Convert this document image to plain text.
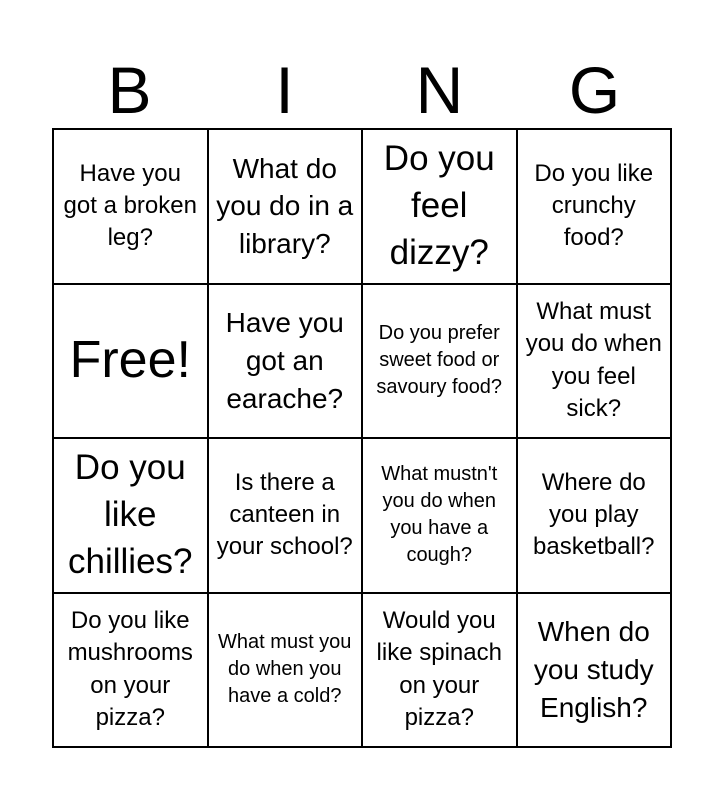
B	I	N	G
Have you got a broken leg?
What do you do in a library?
Do you feel dizzy?
Do you like crunchy food?
Free!
Have you got an earache?
Do you prefer sweet food or savoury food?
What must you do when you feel sick?
Do you like chillies?
Is there a canteen in your school?
What mustn't you do when you have a cough?
Where do you play basketball?
Do you like mushrooms on your pizza?
What must you do when you have a cold?
Would you like spinach on your pizza?
When do you study English?
